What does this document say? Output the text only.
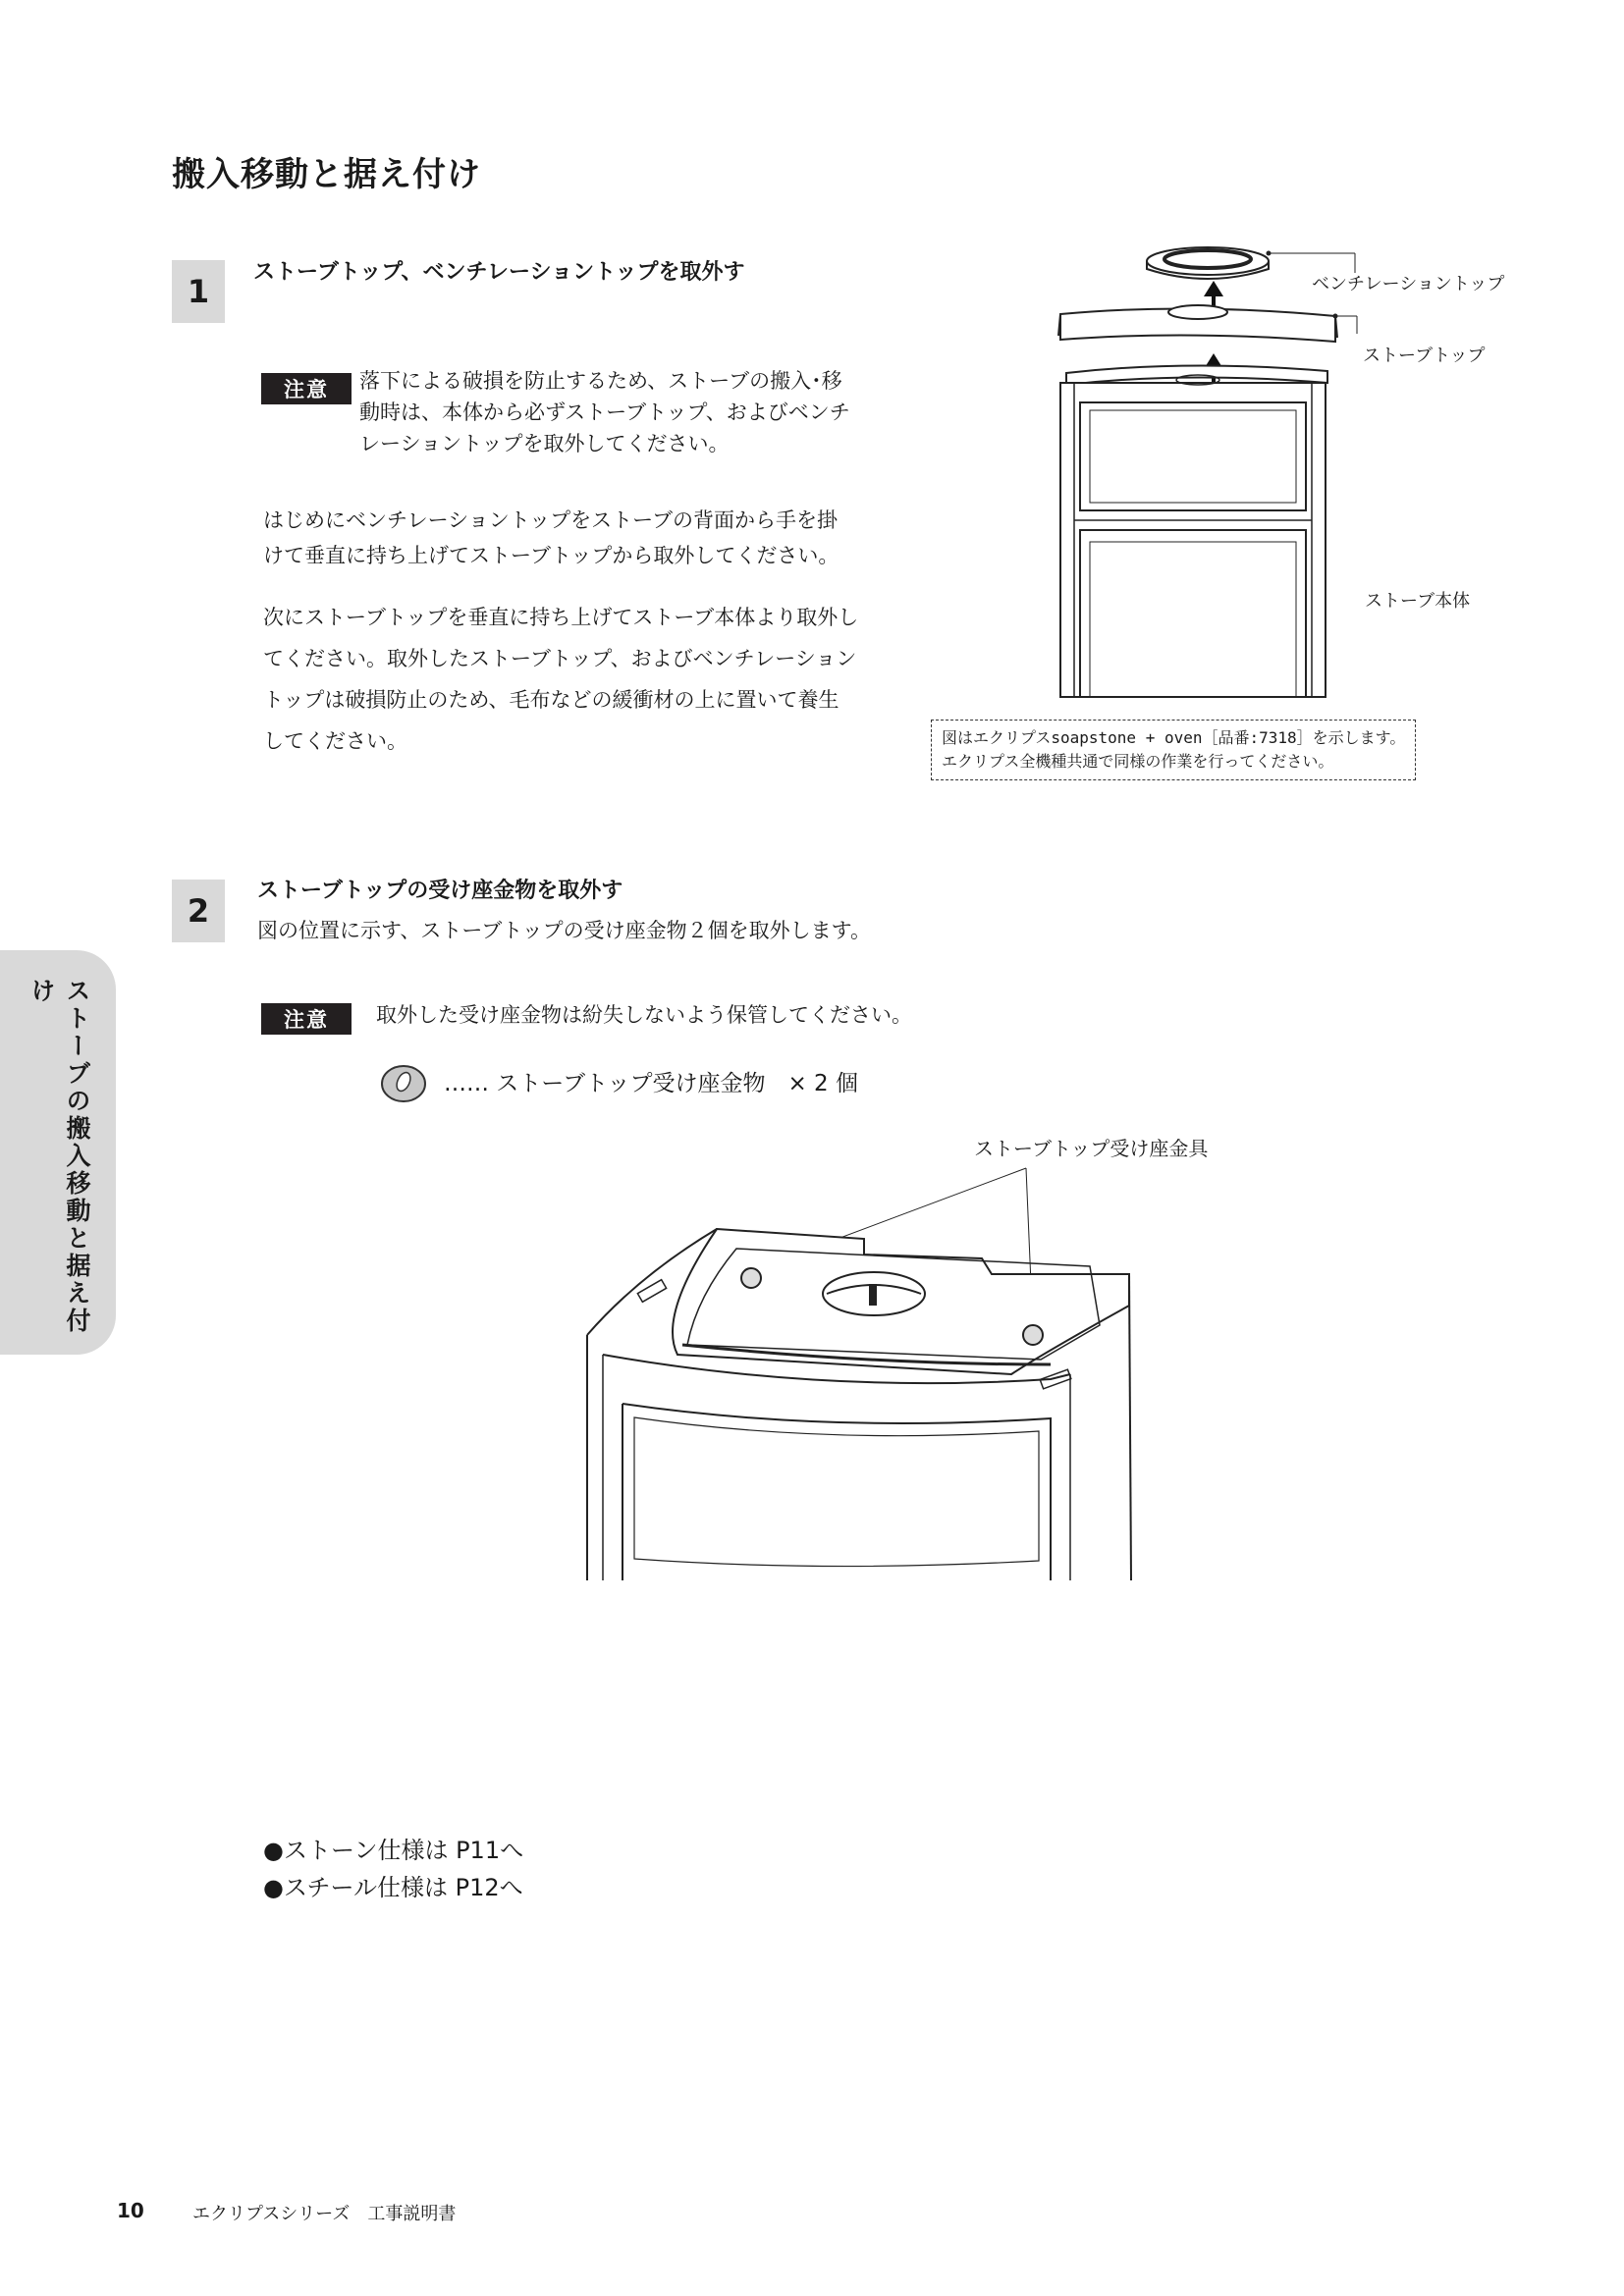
搬入移動と据え付け
ストーブの搬入移動と据え付け
1
ストーブトップ、ベンチレーショントップを取外す
注意	落下による破損を防止するため、ストーブの搬入･移
動時は、本体から必ずストーブトップ、およびベンチ
レーショントップを取外してください。
はじめにベンチレーショントップをストーブの背面から手を掛
けて垂直に持ち上げてストーブトップから取外してください。
次にストーブトップを垂直に持ち上げてストーブ本体より取外し
てください。取外したストーブトップ、およびベンチレーション
トップは破損防止のため、毛布などの緩衝材の上に置いて養生
してください。
ベンチレーショントップ
ストーブトップ
ストーブ本体
図はエクリプスsoapstone + oven［品番:7318］を示します。
エクリプス全機種共通で同様の作業を行ってください。
2
ストーブトップの受け座金物を取外す
図の位置に示す、ストーブトップの受け座金物２個を取外します。
注意	取外した受け座金物は紛失しないよう保管してください。
…… ストーブトップ受け座金物　× 2 個
ストーブトップ受け座金具
●ストーン仕様は P11へ
●スチール仕様は P12へ
10	エクリプスシリーズ　工事説明書
